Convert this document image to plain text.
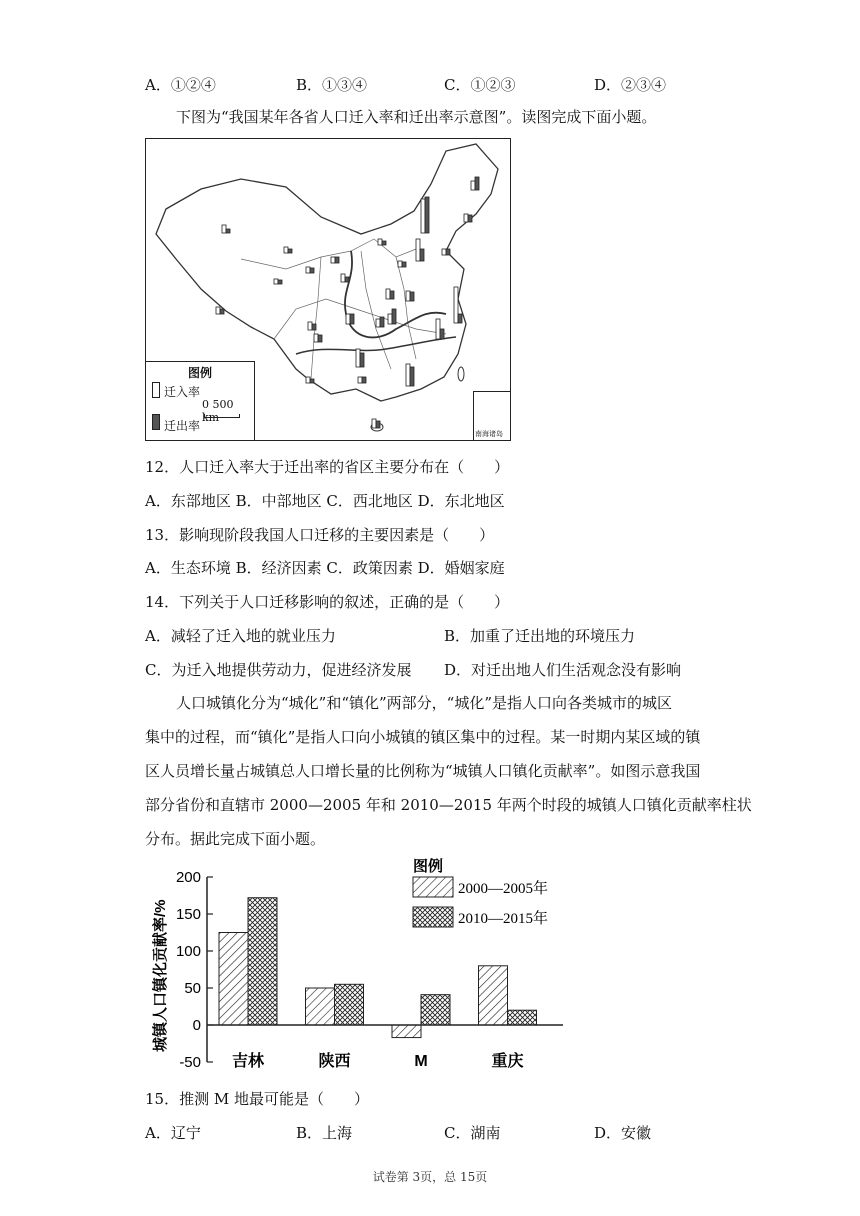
A．①②④	B．①③④	C．①②③	D．②③④
下图为“我国某年各省人口迁入率和迁出率示意图”。读图完成下面小题。
图例
迁入率
0 500 km
迁出率
南海诸岛
12．人口迁入率大于迁出率的省区主要分布在（　　）
A．东部地区 B．中部地区 C．西北地区 D．东北地区
13．影响现阶段我国人口迁移的主要因素是（　　）
A．生态环境 B．经济因素 C．政策因素 D．婚姻家庭
14．下列关于人口迁移影响的叙述，正确的是（　　）
A．减轻了迁入地的就业压力	B．加重了迁出地的环境压力
C．为迁入地提供劳动力，促进经济发展 D．对迁出地人们生活观念没有影响
人口城镇化分为“城化”和“镇化”两部分，“城化”是指人口向各类城市的城区
集中的过程，而“镇化”是指人口向小城镇的镇区集中的过程。某一时期内某区域的镇
区人员增长量占城镇总人口增长量的比例称为“城镇人口镇化贡献率”。如图示意我国
部分省份和直辖市 2000—2005 年和 2010—2015 年两个时段的城镇人口镇化贡献率柱状
分布。据此完成下面小题。
-50
0
50
100
150
200
城镇人口镇化贡献率/%
吉林	陕西	M	重庆
图例
2000—2005年
2010—2015年
15．推测 M 地最可能是（　　）
A．辽宁	B．上海	C．湖南	D．安徽
试卷第 3页，总 15页
